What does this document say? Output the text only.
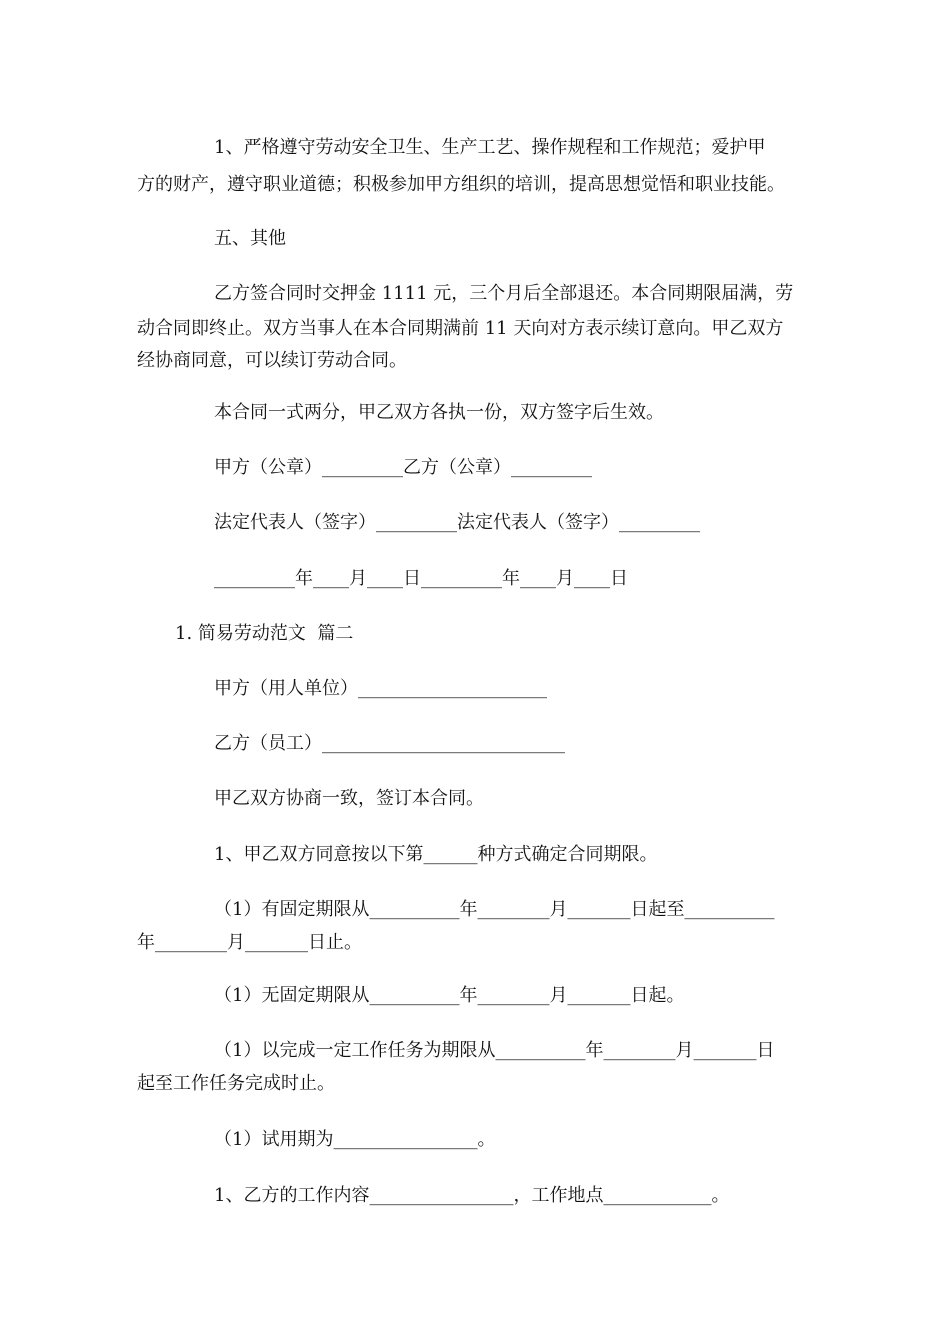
1、严格遵守劳动安全卫生、生产工艺、操作规程和工作规范；爱护甲
方的财产，遵守职业道德；积极参加甲方组织的培训，提高思想觉悟和职业技能。
五、其他
乙方签合同时交押金 1111 元，三个月后全部退还。本合同期限届满，劳
动合同即终止。双方当事人在本合同期满前 11 天向对方表示续订意向。甲乙双方
经协商同意，可以续订劳动合同。
本合同一式两分，甲乙双方各执一份，双方签字后生效。
甲方（公章）_________乙方（公章）_________
法定代表人（签字）_________法定代表人（签字）_________
_________年____月____日_________年____月____日
1. 简易劳动范文  篇二
甲方（用人单位）_____________________
乙方（员工）___________________________
甲乙双方协商一致，签订本合同。
1、甲乙双方同意按以下第______种方式确定合同期限。
（1）有固定期限从__________年________月_______日起至__________
年________月_______日止。
（1）无固定期限从__________年________月_______日起。
（1）以完成一定工作任务为期限从__________年________月_______日
起至工作任务完成时止。
（1）试用期为________________。
1、乙方的工作内容________________，工作地点____________。
